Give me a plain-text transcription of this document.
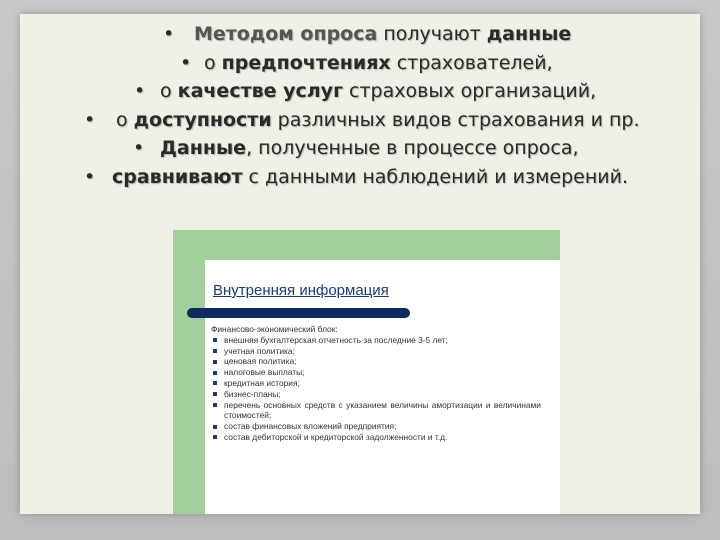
• Методом опроса получают данные
• о предпочтениях страхователей,
• о качестве услуг страховых организаций,
• о доступности различных видов страхования и пр.
• Данные, полученные в процессе опроса,
• сравнивают с данными наблюдений и измерений.
Внутренняя информация
Финансово-экономический блок:
внешняя бухгалтерская отчетность за последние 3-5 лет;
учетная политика;
ценовая политика;
налоговые выплаты;
кредитная история;
бизнес-планы;
перечень основных средств с указанием величины амортизации и величинами стоимостей;
состав финансовых вложений предприятия;
состав дебиторской и кредиторской задолженности и т.д.
